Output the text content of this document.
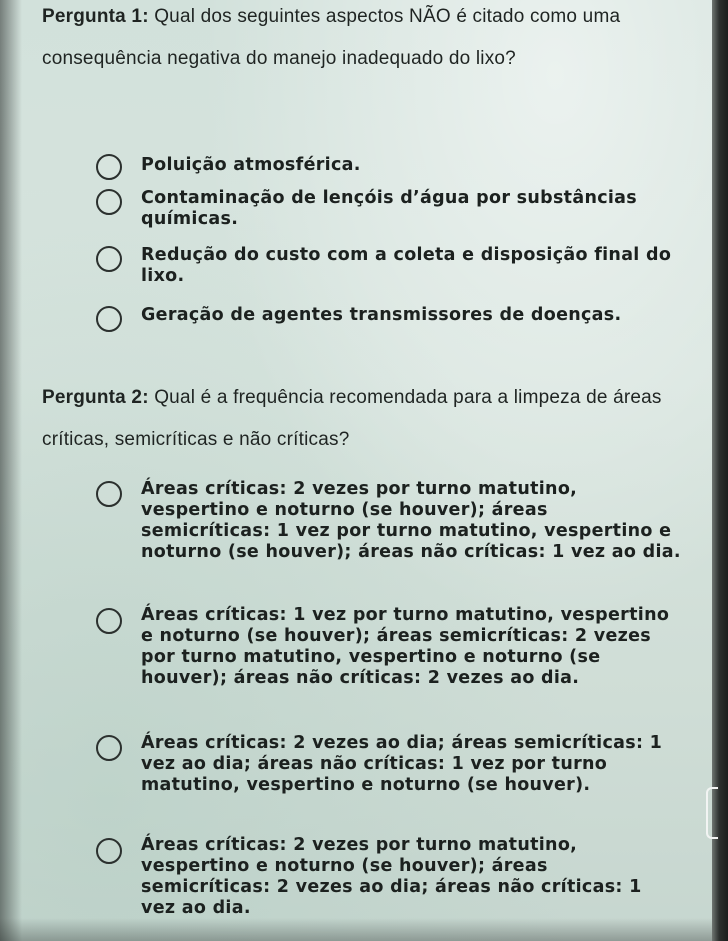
Pergunta 1: Qual dos seguintes aspectos NÃO é citado como uma consequência negativa do manejo inadequado do lixo?
Poluição atmosférica.
Contaminação de lençóis d’água por substâncias químicas.
Redução do custo com a coleta e disposição final do lixo.
Geração de agentes transmissores de doenças.
Pergunta 2: Qual é a frequência recomendada para a limpeza de áreas críticas, semicríticas e não críticas?
Áreas críticas: 2 vezes por turno matutino, vespertino e noturno (se houver); áreas semicríticas: 1 vez por turno matutino, vespertino e noturno (se houver); áreas não críticas: 1 vez ao dia.
Áreas críticas: 1 vez por turno matutino, vespertino e noturno (se houver); áreas semicríticas: 2 vezes por turno matutino, vespertino e noturno (se houver); áreas não críticas: 2 vezes ao dia.
Áreas críticas: 2 vezes ao dia; áreas semicríticas: 1 vez ao dia; áreas não críticas: 1 vez por turno matutino, vespertino e noturno (se houver).
Áreas críticas: 2 vezes por turno matutino, vespertino e noturno (se houver); áreas semicríticas: 2 vezes ao dia; áreas não críticas: 1 vez ao dia.
